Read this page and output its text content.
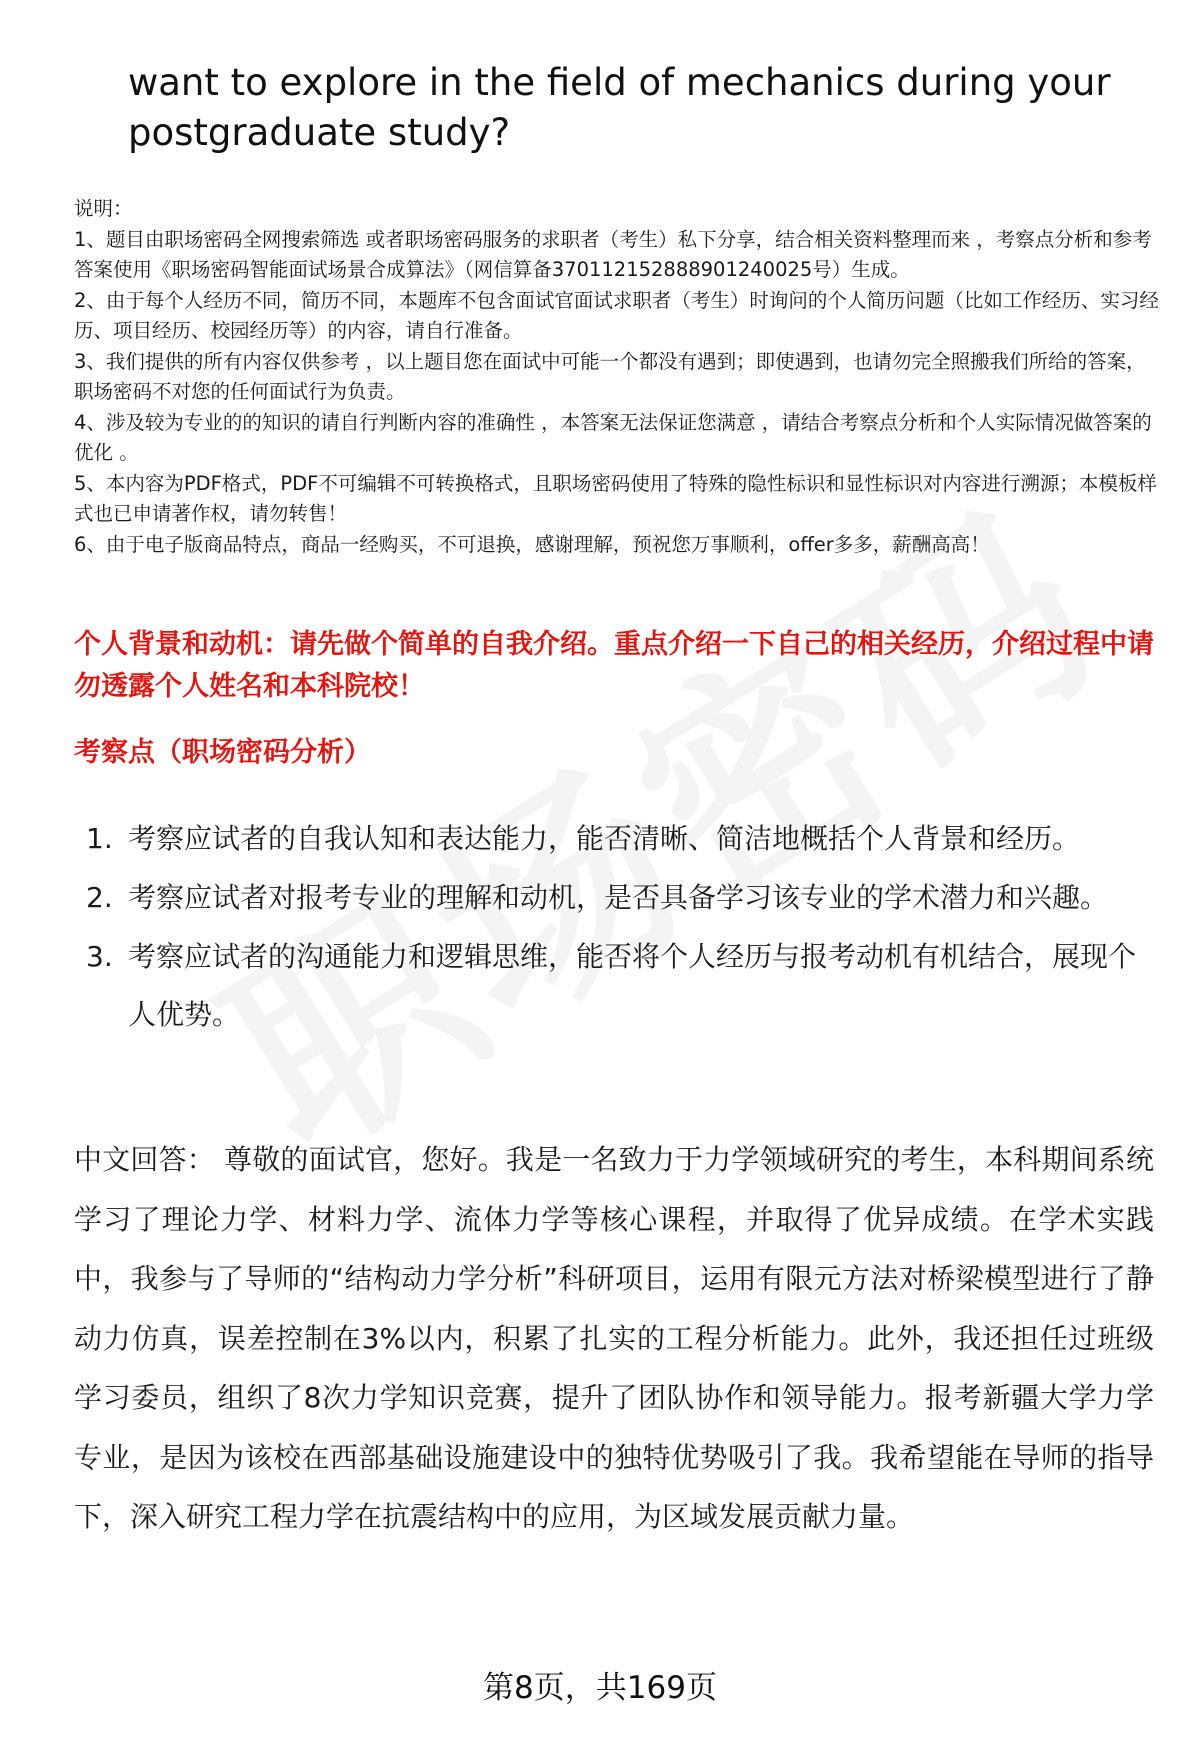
want to explore in the field of mechanics during your postgraduate study?
说明：
1、题目由职场密码全网搜索筛选 或者职场密码服务的求职者（考生）私下分享，结合相关资料整理而来 ，考察点分析和参考答案使用《职场密码智能面试场景合成算法》（网信算备370112152888901240025号）生成。
2、由于每个人经历不同，简历不同，本题库不包含面试官面试求职者（考生）时询问的个人简历问题（比如工作经历、实习经历、项目经历、校园经历等）的内容，请自行准备。
3、我们提供的所有内容仅供参考 ，以上题目您在面试中可能一个都没有遇到；即使遇到，也请勿完全照搬我们所给的答案，职场密码不对您的任何面试行为负责。
4、涉及较为专业的的知识的请自行判断内容的准确性 ，本答案无法保证您满意 ，请结合考察点分析和个人实际情况做答案的优化 。
5、本内容为PDF格式，PDF不可编辑不可转换格式，且职场密码使用了特殊的隐性标识和显性标识对内容进行溯源；本模板样式也已申请著作权，请勿转售！
6、由于电子版商品特点，商品一经购买，不可退换，感谢理解，预祝您万事顺利，offer多多，薪酬高高！
个人背景和动机：请先做个简单的自我介绍。重点介绍一下自己的相关经历，介绍过程中请勿透露个人姓名和本科院校！
考察点（职场密码分析）
1. 考察应试者的自我认知和表达能力，能否清晰、简洁地概括个人背景和经历。
2. 考察应试者对报考专业的理解和动机，是否具备学习该专业的学术潜力和兴趣。
3. 考察应试者的沟通能力和逻辑思维，能否将个人经历与报考动机有机结合，展现个人优势。
中文回答： 尊敬的面试官，您好。我是一名致力于力学领域研究的考生，本科期间系统学习了理论力学、材料力学、流体力学等核心课程，并取得了优异成绩。在学术实践中，我参与了导师的“结构动力学分析”科研项目，运用有限元方法对桥梁模型进行了静动力仿真，误差控制在3%以内，积累了扎实的工程分析能力。此外，我还担任过班级学习委员，组织了8次力学知识竞赛，提升了团队协作和领导能力。报考新疆大学力学专业，是因为该校在西部基础设施建设中的独特优势吸引了我。我希望能在导师的指导下，深入研究工程力学在抗震结构中的应用，为区域发展贡献力量。
第8页，共169页
